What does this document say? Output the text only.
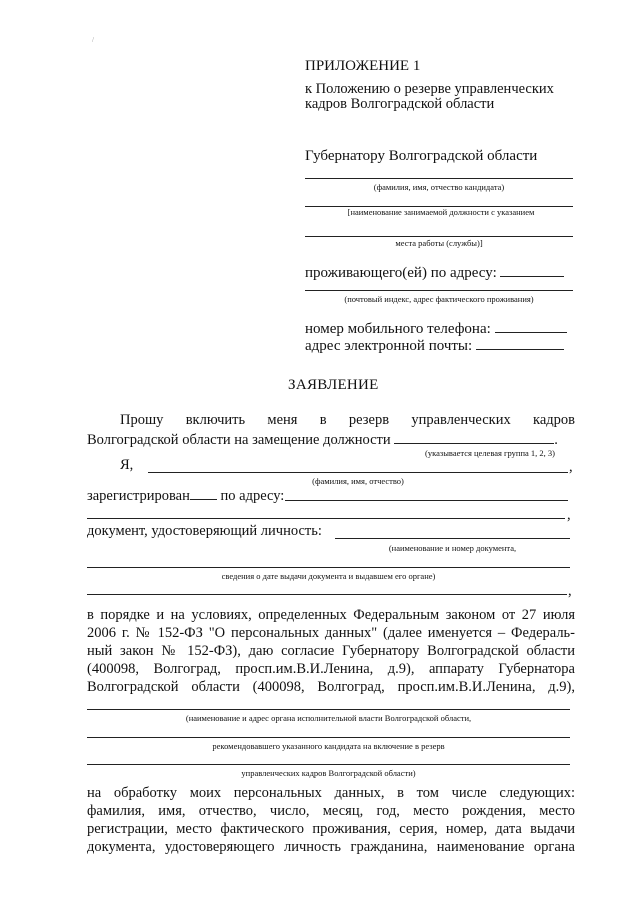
/
ПРИЛОЖЕНИЕ 1
к Положению о резерве управленческих
кадров Волгоградской области
Губернатору Волгоградской области
(фамилия, имя, отчество кандидата)
[наименование занимаемой должности с указанием
места работы (службы)]
проживающего(ей) по адресу:
(почтовый индекс, адрес фактического проживания)
номер мобильного телефона:
адрес электронной почты:
ЗАЯВЛЕНИЕ
Прошу включить меня в резерв управленческих кадров
Волгоградской области на замещение должности	.
(указывается целевая группа 1, 2, 3)
Я,	,
(фамилия, имя, отчество)
зарегистрирован по адресу:
,
документ, удостоверяющий личность:
(наименование и номер документа,
сведения о дате выдачи документа и выдавшем его органе)
,
в порядке и на условиях, определенных Федеральным законом от 27 июля
2006 г. № 152-ФЗ "О персональных данных" (далее именуется – Федераль-
ный закон № 152-ФЗ), даю согласие Губернатору Волгоградской области
(400098, Волгоград, просп.им.В.И.Ленина, д.9), аппарату Губернатора
Волгоградской области (400098, Волгоград, просп.им.В.И.Ленина, д.9),
(наименование и адрес органа исполнительной власти Волгоградской области,
рекомендовавшего указанного кандидата на включение в резерв
управленческих кадров Волгоградской области)
на обработку моих персональных данных, в том числе следующих:
фамилия, имя, отчество, число, месяц, год, место рождения, место
регистрации, место фактического проживания, серия, номер, дата выдачи
документа, удостоверяющего личность гражданина, наименование органа
